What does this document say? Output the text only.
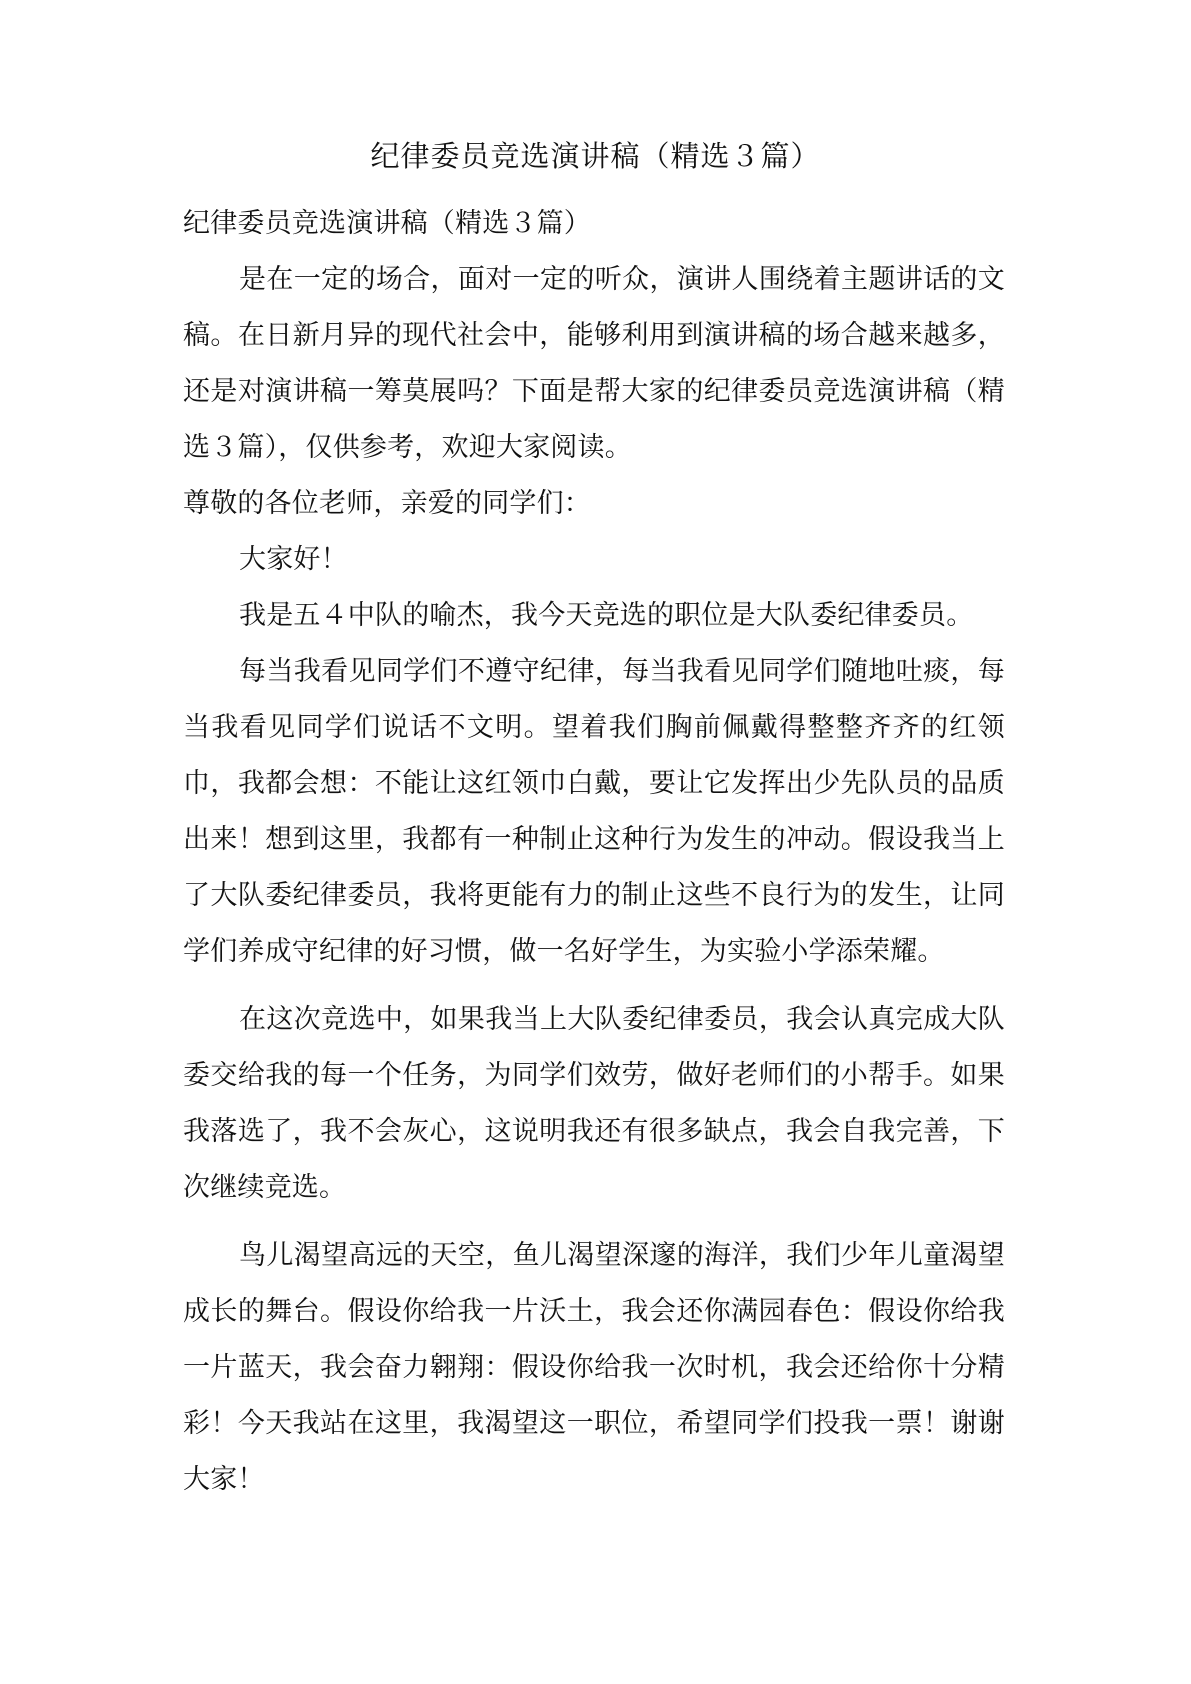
纪律委员竞选演讲稿（精选３篇）

纪律委员竞选演讲稿（精选３篇）

是在一定的场合，面对一定的听众，演讲人围绕着主题讲话的文稿。在日新月异的现代社会中，能够利用到演讲稿的场合越来越多，还是对演讲稿一筹莫展吗？下面是帮大家的纪律委员竞选演讲稿（精选３篇），仅供参考，欢迎大家阅读。

尊敬的各位老师，亲爱的同学们：

大家好！

我是五４中队的喻杰，我今天竞选的职位是大队委纪律委员。

每当我看见同学们不遵守纪律，每当我看见同学们随地吐痰，每当我看见同学们说话不文明。望着我们胸前佩戴得整整齐齐的红领巾，我都会想：不能让这红领巾白戴，要让它发挥出少先队员的品质出来！想到这里，我都有一种制止这种行为发生的冲动。假设我当上了大队委纪律委员，我将更能有力的制止这些不良行为的发生，让同学们养成守纪律的好习惯，做一名好学生，为实验小学添荣耀。

在这次竞选中，如果我当上大队委纪律委员，我会认真完成大队委交给我的每一个任务，为同学们效劳，做好老师们的小帮手。如果我落选了，我不会灰心，这说明我还有很多缺点，我会自我完善，下次继续竞选。

鸟儿渴望高远的天空，鱼儿渴望深邃的海洋，我们少年儿童渴望成长的舞台。假设你给我一片沃土，我会还你满园春色：假设你给我一片蓝天，我会奋力翱翔：假设你给我一次时机，我会还给你十分精彩！今天我站在这里，我渴望这一职位，希望同学们投我一票！谢谢大家！
